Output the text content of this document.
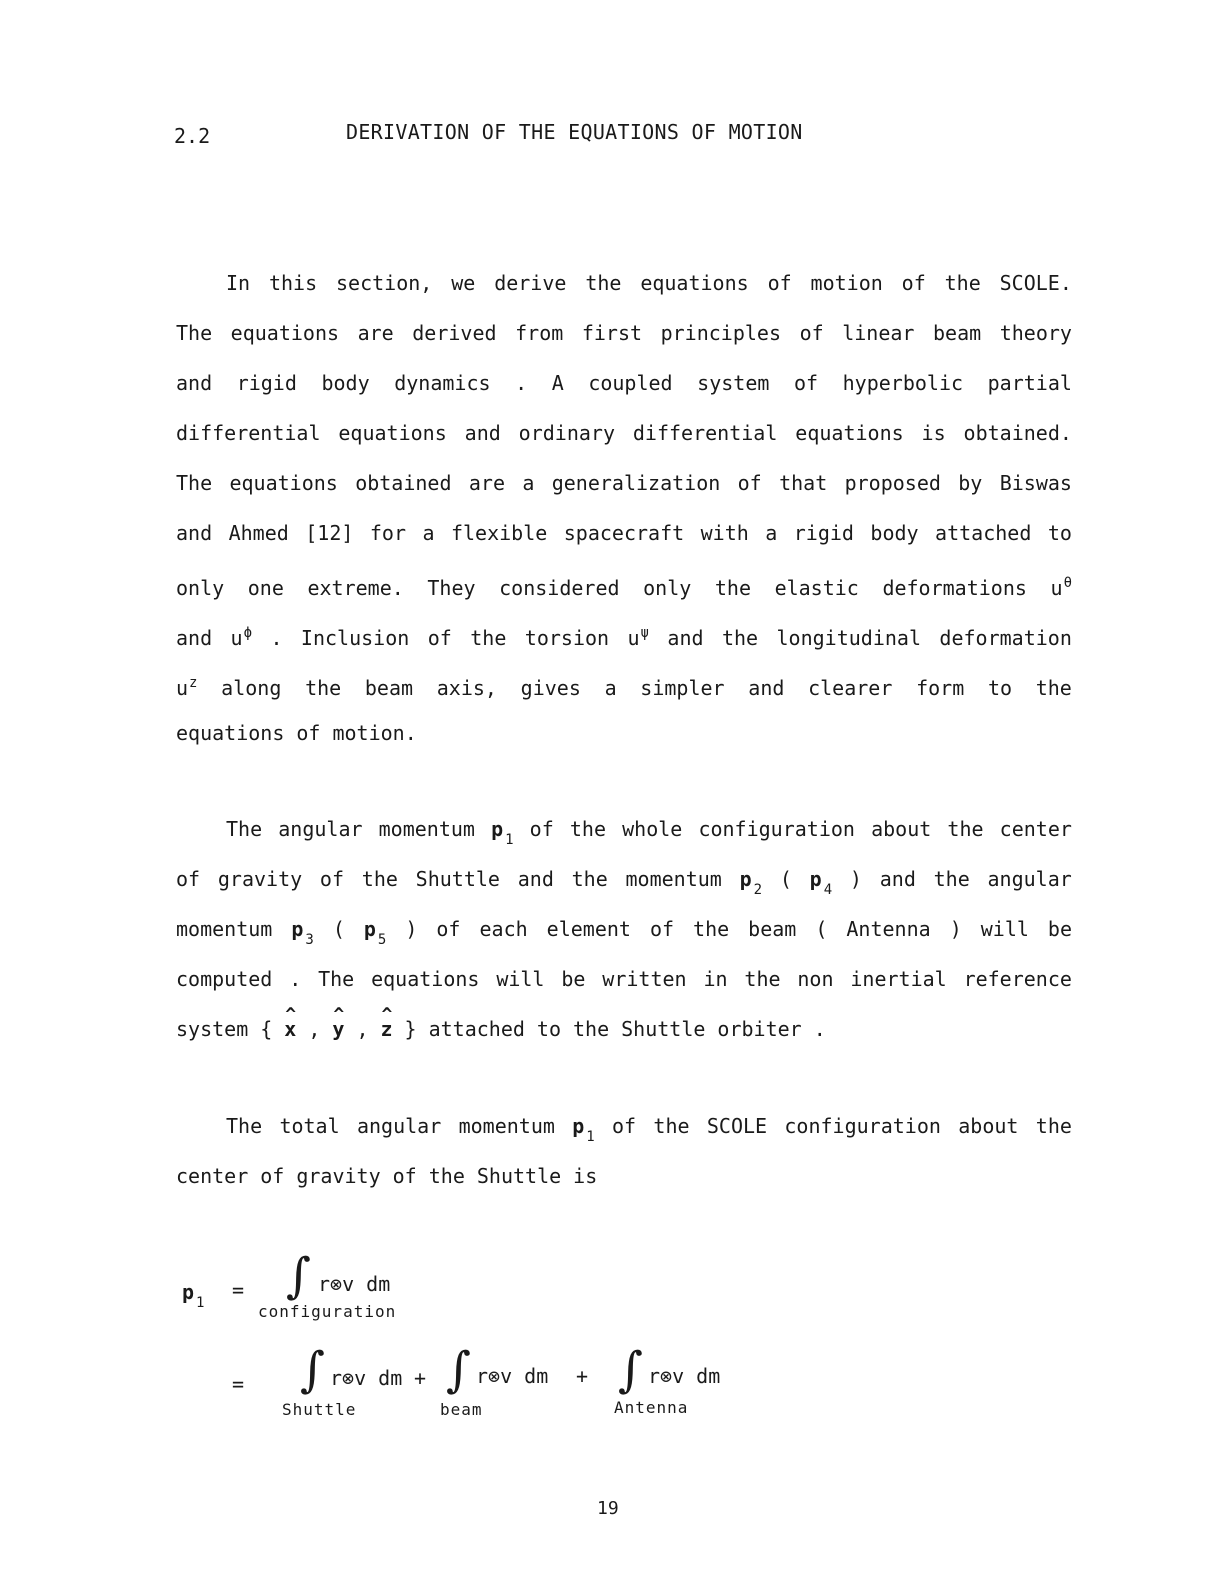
2.2	DERIVATION OF THE EQUATIONS OF MOTION
In this section, we derive the equations of motion of the SCOLE.
The equations are derived from first principles of linear beam theory
and rigid body dynamics . A coupled system of hyperbolic partial
differential equations and ordinary differential equations is obtained.
The equations obtained are a generalization of that proposed by Biswas
and Ahmed [12] for a flexible spacecraft with a rigid body attached to
only one extreme. They considered only the elastic deformations $u^\theta$
and $u^\phi$ . Inclusion of the torsion $u^\psi$ and the longitudinal deformation
$u^z$ along the beam axis, gives a simpler and clearer form to the
equations of motion.
The angular momentum p $_1$ of the whole configuration about the center
of gravity of the Shuttle and the momentum p $_2$ ( p $_4$ ) and the angular
momentum p $_3$ ( p $_5$ ) of each element of the beam ( Antenna ) will be
computed . The equations will be written in the non inertial reference
system { ^ x , ^ y , ^ z } attached to the Shuttle orbiter .
The total angular momentum p $_1$ of the SCOLE configuration about the
center of gravity of the Shuttle is
p $_1$
= ∫ r⊗v dm
configuration
= ∫ r⊗v dm +
Shuttle
∫ r⊗v dm +
beam
∫ r⊗v dm
Antenna
19
